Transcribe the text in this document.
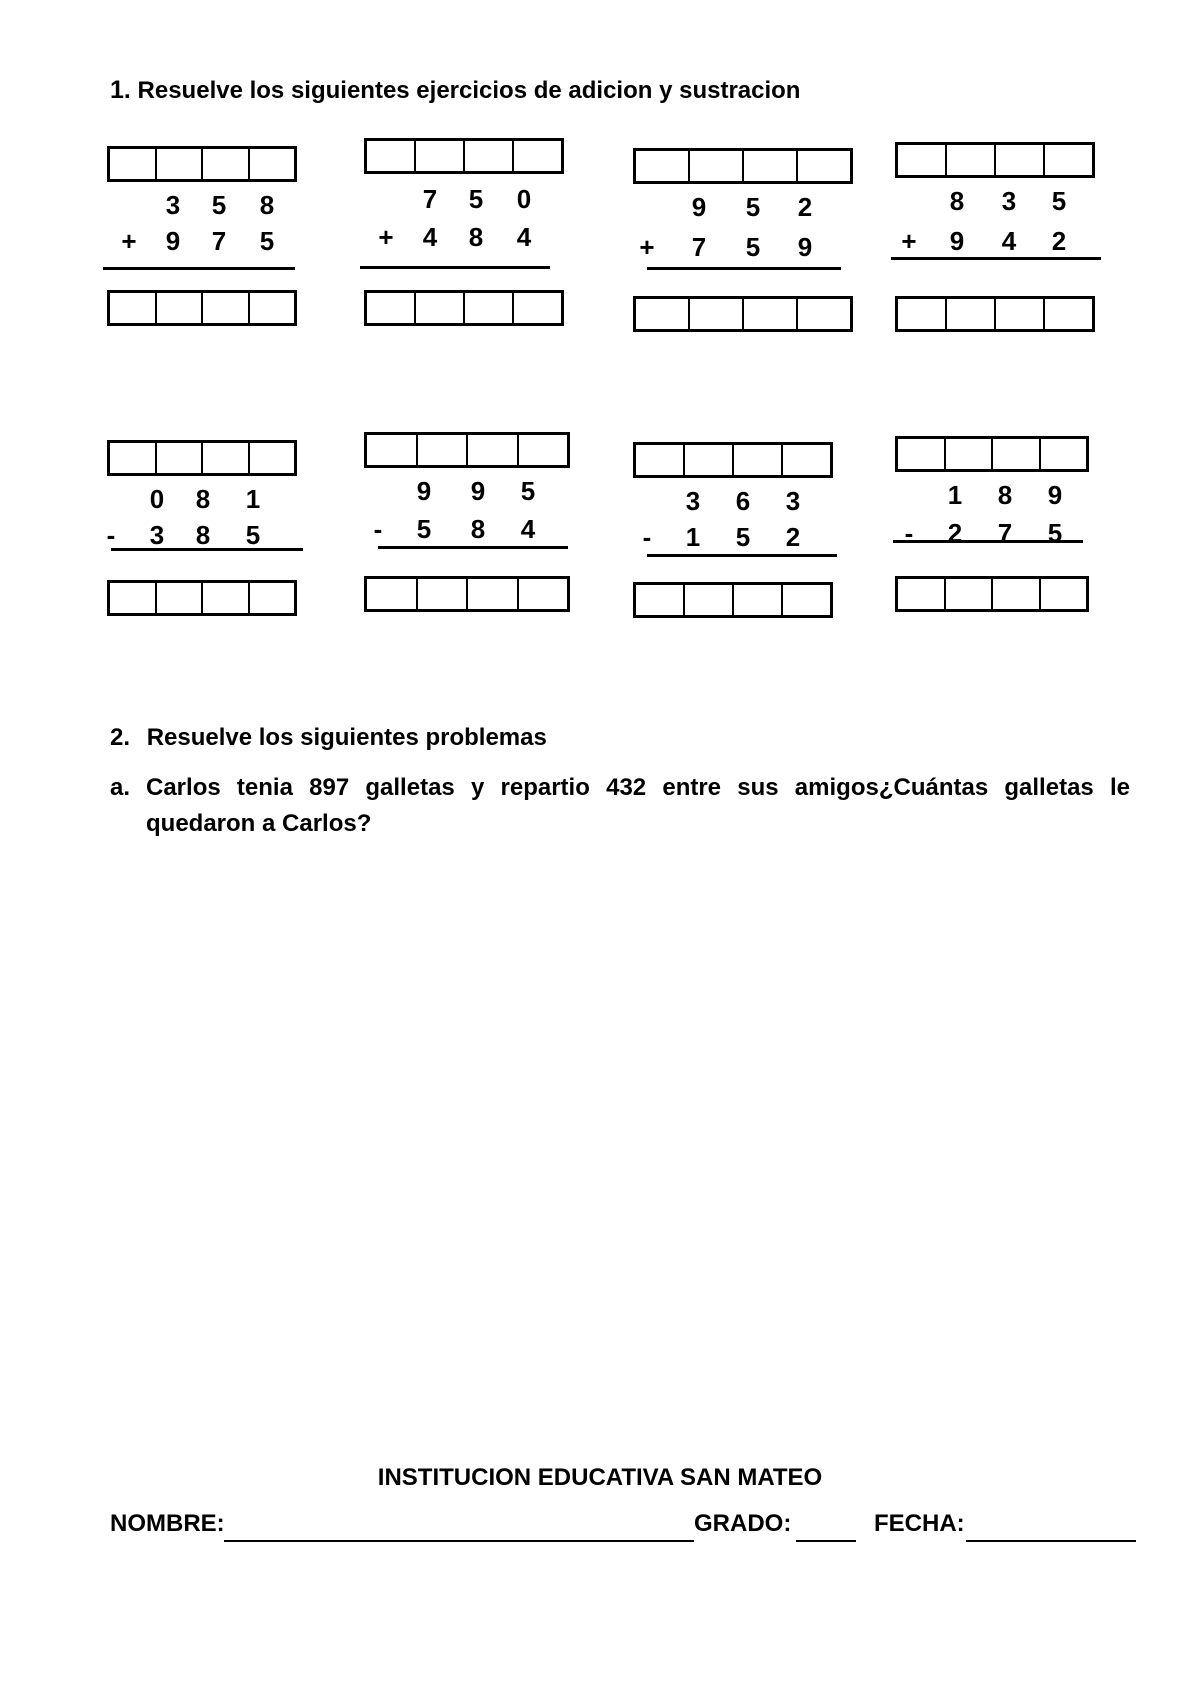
1. Resuelve los siguientes ejercicios de adicion y sustracion
3 5 8
+ 9 7 5
7 5 0
+ 4 8 4
9 5 2
+ 7 5 9
8 3 5
+ 9 4 2
0 8 1
-	3 8 5
9 9 5
-	5 8 4
3 6 3
-	1 5 2
1 8 9
-	2 7 5
2. Resuelve los siguientes problemas
a. Carlos tenia 897 galletas y repartio 432 entre sus amigos¿Cuántas galletas le quedaron a Carlos?
INSTITUCION EDUCATIVA SAN MATEO
NOMBRE:	GRADO:	FECHA:
